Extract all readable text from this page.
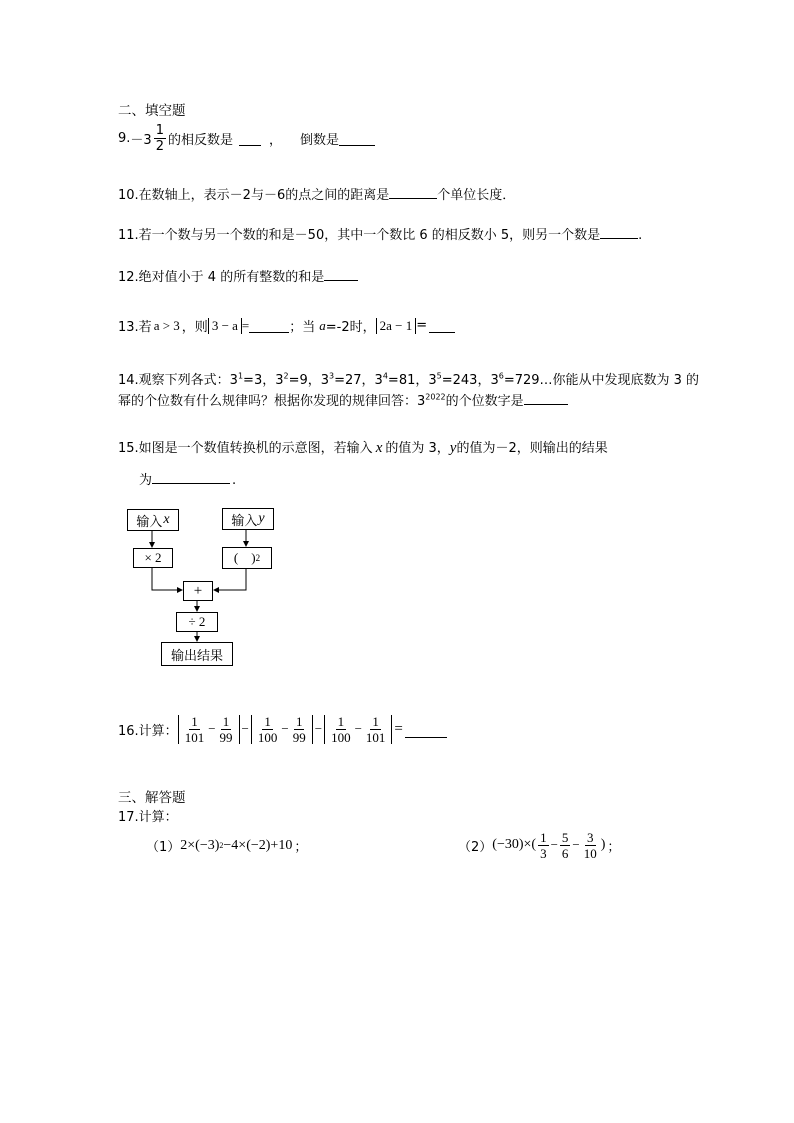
二、填空题
9. $-3 \frac{1}{2}$ 的相反数是	， 倒数是
10.在数轴上，表示－2与－6的点之间的距离是	个单位长度．
11.若一个数与另一个数的和是－50，其中一个数比 6 的相反数小 5，则另一个数是	.
12.绝对值小于 4 的所有整数的和是
13.若 a > 3 ，则 3 − a =	；当 a =-2时， 2a − 1 =
14.观察下列各式：$3^1=3$，$3^2=9$，$3^3=27$，$3^4=81$，$3^5=243$，$3^6=729\dots$你能从中发现底数为 3 的
幂的个位数有什么规律吗？根据你发现的规律回答：$3^{2022}$的个位数字是
15.如图是一个数值转换机的示意图，若输入 x 的值为 3，y的值为－2，则输出的结果
为	.
输入 x	输入 y
× 2	(    ) 2
+
÷ 2
输出结果
16.计算： $\frac{1}{101} - \frac{1}{99} - \frac{1}{100} - \frac{1}{99} - \frac{1}{100} - \frac{1}{101}$ =
三、解答题
17.计算：
（1） 2×(−3) 2 −4×(−2)+10 ；	（2） $(-30)\times( \frac{1}{3} - \frac{5}{6} - \frac{3}{10}$ ) ；
